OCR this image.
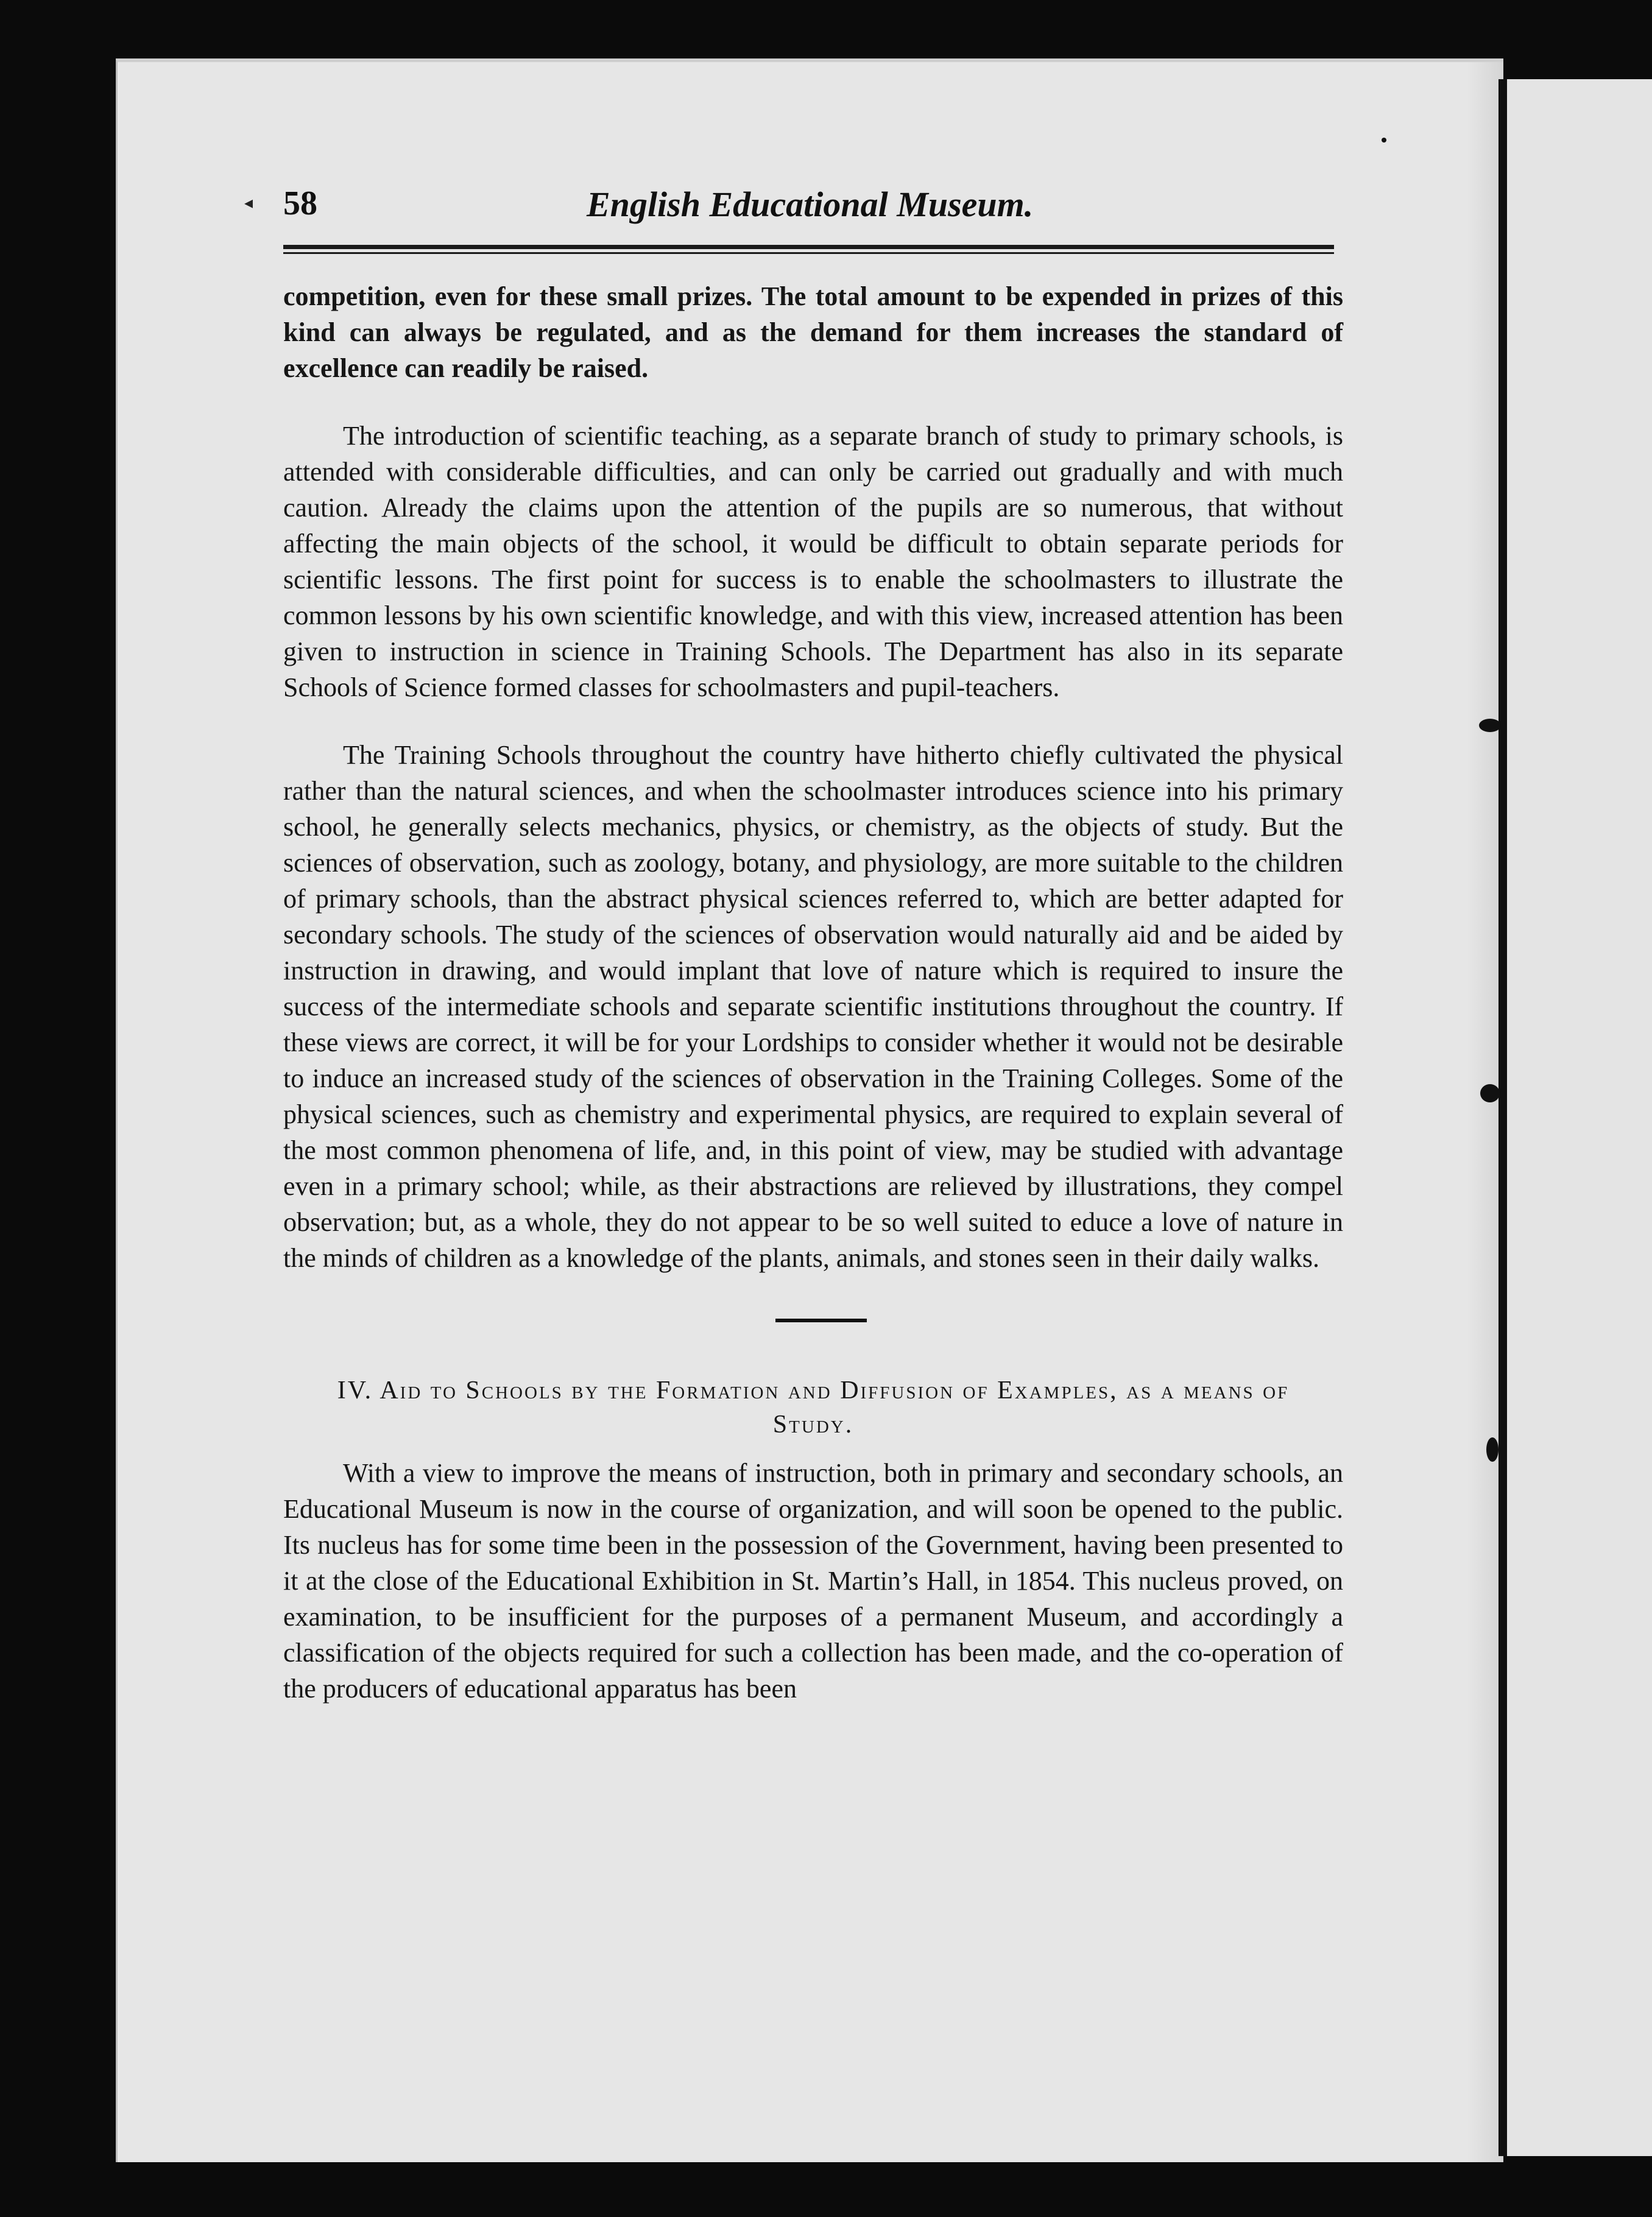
◂ 58	English Educational Museum.

competition, even for these small prizes. The total amount to be expended in prizes of this kind can always be regulated, and as the demand for them increases the standard of excellence can readily be raised.

The introduction of scientific teaching, as a separate branch of study to primary schools, is attended with considerable difficulties, and can only be carried out gradually and with much caution. Already the claims upon the attention of the pupils are so numerous, that without affecting the main objects of the school, it would be difficult to obtain separate periods for scientific lessons. The first point for success is to enable the schoolmasters to illustrate the common lessons by his own scientific knowledge, and with this view, increased attention has been given to instruction in science in Training Schools. The Department has also in its separate Schools of Science formed classes for schoolmasters and pupil-teachers.

The Training Schools throughout the country have hitherto chiefly cultivated the physical rather than the natural sciences, and when the schoolmaster introduces science into his primary school, he generally selects mechanics, physics, or chemistry, as the objects of study. But the sciences of observation, such as zoology, botany, and physiology, are more suitable to the children of primary schools, than the abstract physical sciences referred to, which are better adapted for secondary schools. The study of the sciences of observation would naturally aid and be aided by instruction in drawing, and would implant that love of nature which is required to insure the success of the intermediate schools and separate scientific institutions throughout the country. If these views are correct, it will be for your Lordships to consider whether it would not be desirable to induce an increased study of the sciences of observation in the Training Colleges. Some of the physical sciences, such as chemistry and experimental physics, are required to explain several of the most common phenomena of life, and, in this point of view, may be studied with advantage even in a primary school; while, as their abstractions are relieved by illustrations, they compel observation; but, as a whole, they do not appear to be so well suited to educe a love of nature in the minds of children as a knowledge of the plants, animals, and stones seen in their daily walks.

IV. Aid to Schools by the Formation and Diffusion of Examples, as a means of Study.

With a view to improve the means of instruction, both in primary and secondary schools, an Educational Museum is now in the course of organization, and will soon be opened to the public. Its nucleus has for some time been in the possession of the Government, having been presented to it at the close of the Educational Exhibition in St. Martin’s Hall, in 1854. This nucleus proved, on examination, to be insufficient for the purposes of a permanent Museum, and accordingly a classification of the objects required for such a collection has been made, and the co-operation of the producers of educational apparatus has been
